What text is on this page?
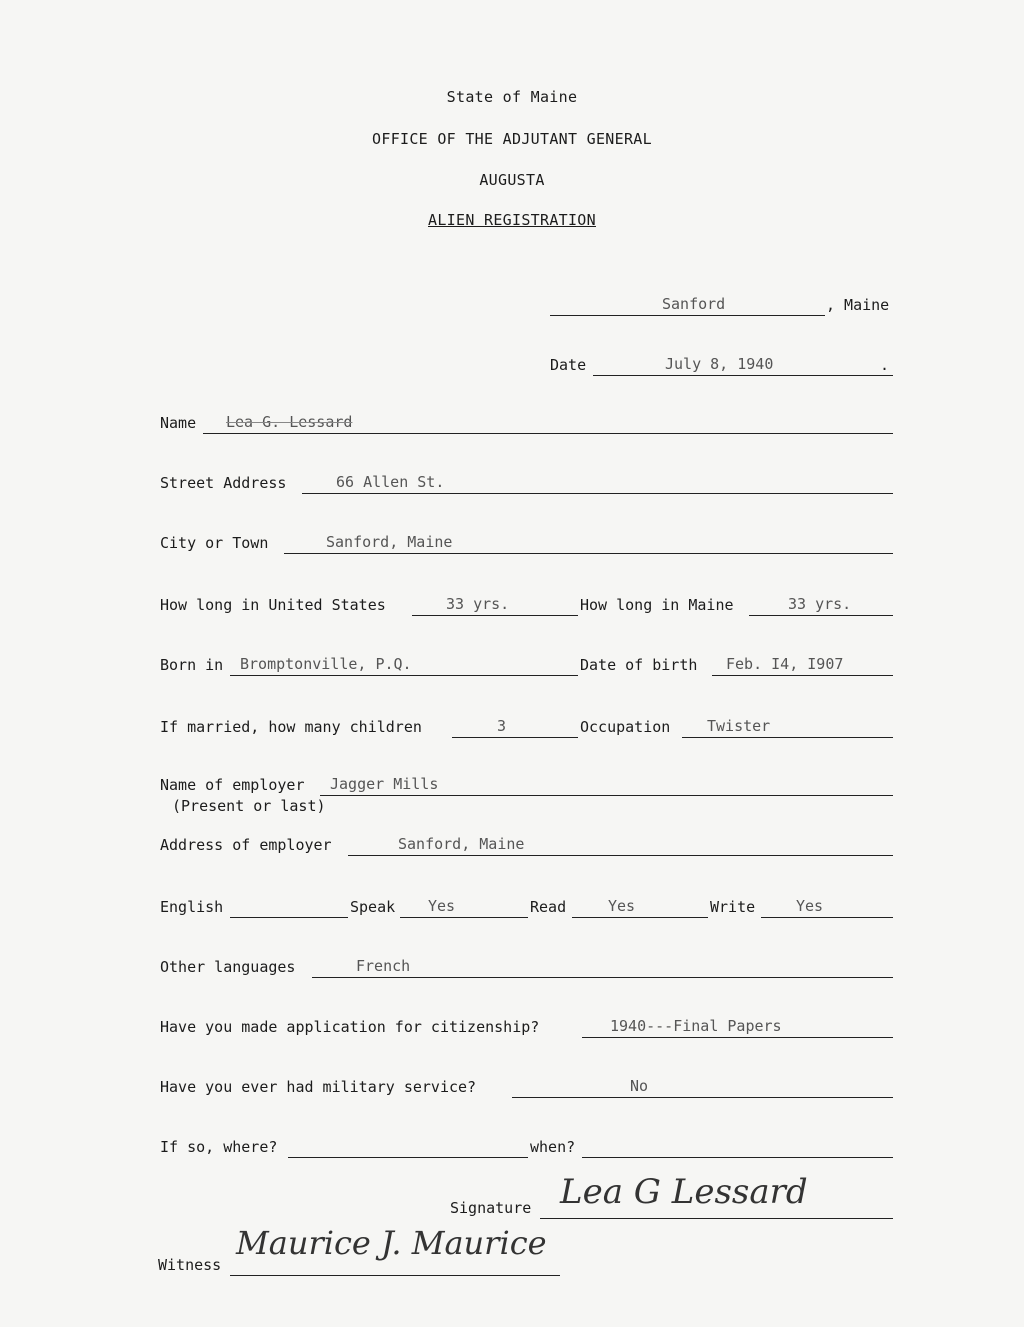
State of Maine
OFFICE OF THE ADJUTANT GENERAL
AUGUSTA
ALIEN REGISTRATION
Sanford	, Maine
Date	July 8, 1940	.
Name Lea G. Lessard
Street Address	66 Allen St.
City or Town	Sanford, Maine
How long in United States	33 yrs.	How long in Maine	33 yrs.
Born in Bromptonville, P.Q.	Date of birth Feb. I4, I907
If married, how many children	3	Occupation Twister
Name of employer Jagger Mills
(Present or last)
Address of employer	Sanford, Maine
English	Speak Yes	Read	Yes	Write	Yes
Other languages	French
Have you made application for citizenship?	1940---Final Papers
Have you ever had military service?	No
If so, where?	when?
Signature Lea G Lessard
Witness
Maurice J. Maurice
